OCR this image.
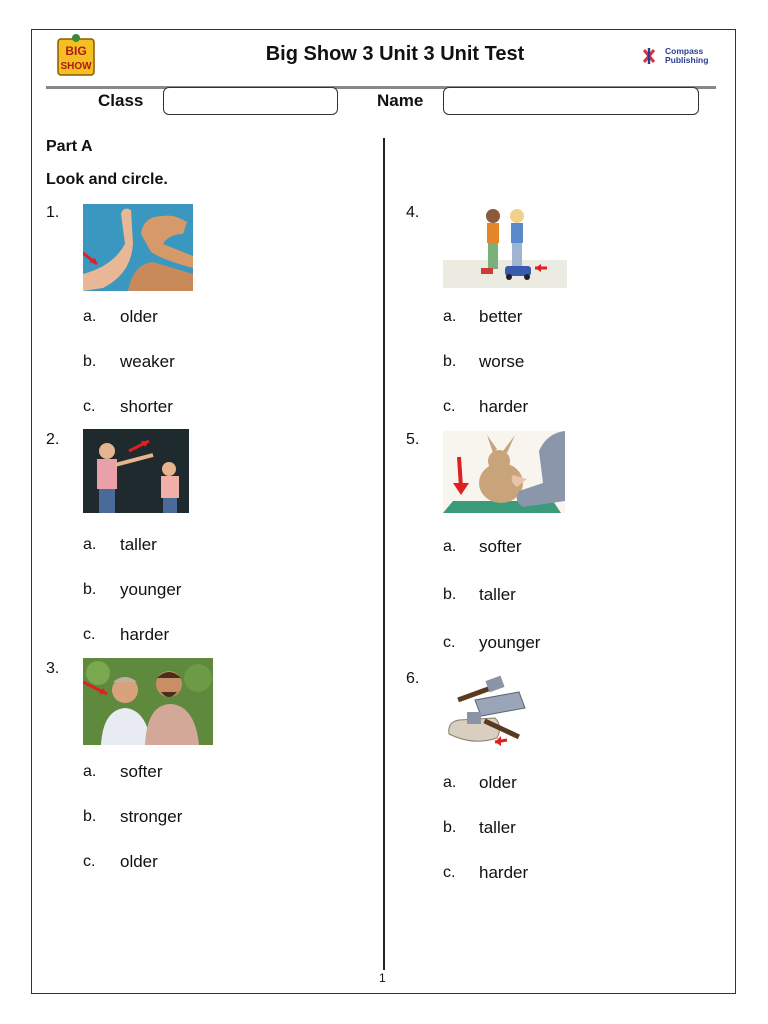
BIG
SHOW
Big Show 3 Unit 3 Unit Test	Compass
Publishing
Class	Name
Part A
Look and circle.
1.
a. older
b. weaker
c. shorter
2.
a. taller
b. younger
c. harder
3.
a. softer
b. stronger
c. older
4.
a. better
b. worse
c. harder
5.
a. softer
b. taller
c. younger
6.
a. older
b. taller
c. harder
1
